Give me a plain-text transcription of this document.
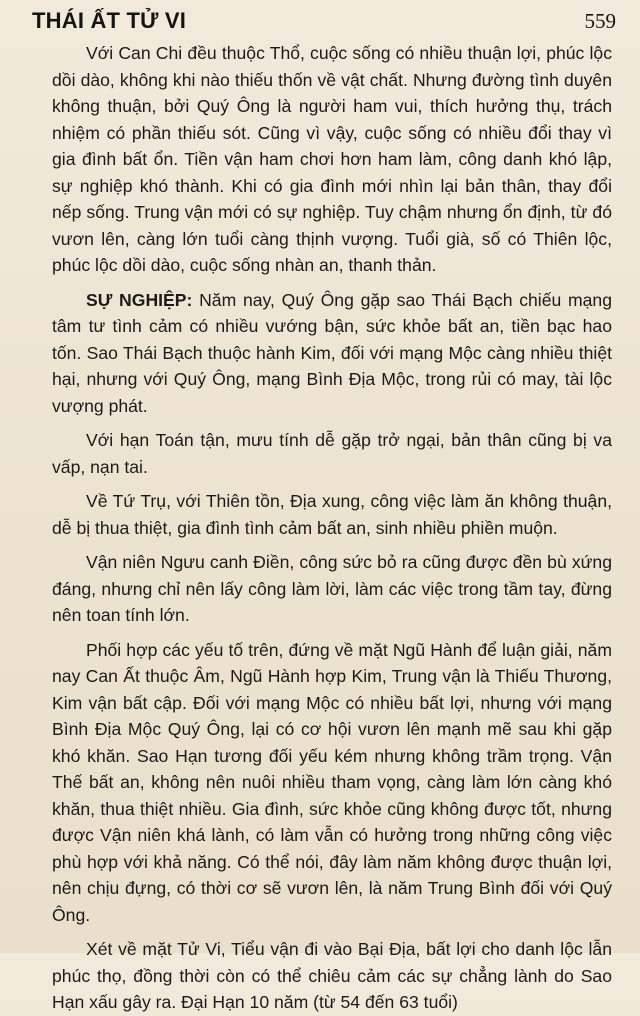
THÁI ẤT TỬ VI	559

Với Can Chi đều thuộc Thổ, cuộc sống có nhiều thuận lợi, phúc lộc dồi dào, không khi nào thiếu thốn về vật chất. Nhưng đường tình duyên không thuận, bởi Quý Ông là người ham vui, thích hưởng thụ, trách nhiệm có phần thiếu sót. Cũng vì vậy, cuộc sống có nhiều đổi thay vì gia đình bất ổn. Tiền vận ham chơi hơn ham làm, công danh khó lập, sự nghiệp khó thành. Khi có gia đình mới nhìn lại bản thân, thay đổi nếp sống. Trung vận mới có sự nghiệp. Tuy chậm nhưng ổn định, từ đó vươn lên, càng lớn tuổi càng thịnh vượng. Tuổi già, số có Thiên lộc, phúc lộc dồi dào, cuộc sống nhàn an, thanh thản.

SỰ NGHIỆP: Năm nay, Quý Ông gặp sao Thái Bạch chiếu mạng tâm tư tình cảm có nhiều vướng bận, sức khỏe bất an, tiền bạc hao tốn. Sao Thái Bạch thuộc hành Kim, đối với mạng Mộc càng nhiều thiệt hại, nhưng với Quý Ông, mạng Bình Địa Mộc, trong rủi có may, tài lộc vượng phát.

Với hạn Toán tận, mưu tính dễ gặp trở ngại, bản thân cũng bị va vấp, nạn tai.

Về Tứ Trụ, với Thiên tồn, Địa xung, công việc làm ăn không thuận, dễ bị thua thiệt, gia đình tình cảm bất an, sinh nhiều phiền muộn.

Vận niên Ngưu canh Điền, công sức bỏ ra cũng được đền bù xứng đáng, nhưng chỉ nên lấy công làm lời, làm các việc trong tầm tay, đừng nên toan tính lớn.

Phối hợp các yếu tố trên, đứng về mặt Ngũ Hành để luận giải, năm nay Can Ất thuộc Âm, Ngũ Hành hợp Kim, Trung vận là Thiếu Thương, Kim vận bất cập. Đối với mạng Mộc có nhiều bất lợi, nhưng với mạng Bình Địa Mộc Quý Ông, lại có cơ hội vươn lên mạnh mẽ sau khi gặp khó khăn. Sao Hạn tương đối yếu kém nhưng không trầm trọng. Vận Thế bất an, không nên nuôi nhiều tham vọng, càng làm lớn càng khó khăn, thua thiệt nhiều. Gia đình, sức khỏe cũng không được tốt, nhưng được Vận niên khá lành, có làm vẫn có hưởng trong những công việc phù hợp với khả năng. Có thể nói, đây làm năm không được thuận lợi, nên chịu đựng, có thời cơ sẽ vươn lên, là năm Trung Bình đối với Quý Ông.

Xét về mặt Tử Vi, Tiểu vận đi vào Bại Địa, bất lợi cho danh lộc lẫn phúc thọ, đồng thời còn có thể chiêu cảm các sự chẳng lành do Sao Hạn xấu gây ra. Đại Hạn 10 năm (từ 54 đến 63 tuổi)
